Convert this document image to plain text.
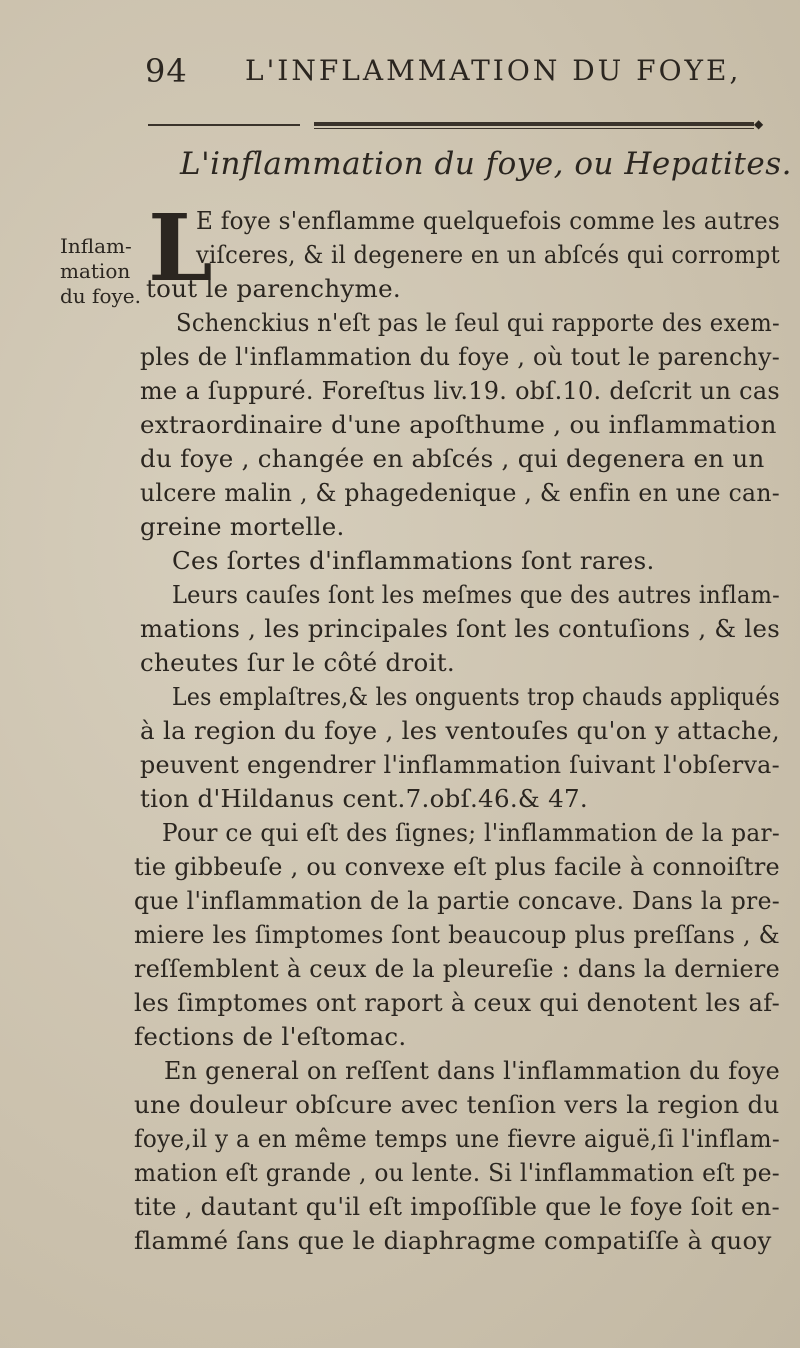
94 L'INFLAMMATION DU FOYE,
◆
L'inflammation du foye, ou Hepatites.
Inflam-
mation
du foye. L
E foye s'enflamme quelquefois comme les autres
viſceres, & il degenere en un abſcés qui corrompt
tout le parenchyme.
Schenckius n'eſt pas le ſeul qui rapporte des exem-
ples de l'inflammation du foye , où tout le parenchy-
me a ſuppuré. Foreſtus liv.19. obſ.10. deſcrit un cas
extraordinaire d'une apoſthume , ou inflammation
du foye , changée en abſcés , qui degenera en un
ulcere malin , & phagedenique , & enfin en une can-
greine mortelle.
Ces ſortes d'inflammations ſont rares.
Leurs cauſes ſont les meſmes que des autres inflam-
mations , les principales ſont les contuſions , & les
cheutes ſur le côté droit.
Les emplaſtres,& les onguents trop chauds appliqués
à la region du foye , les ventouſes qu'on y attache,
peuvent engendrer l'inflammation ſuivant l'obſerva-
tion d'Hildanus cent.7.obſ.46.& 47.
Pour ce qui eſt des ſignes; l'inflammation de la par-
tie gibbeuſe , ou convexe eſt plus facile à connoiſtre
que l'inflammation de la partie concave. Dans la pre-
miere les ſimptomes ſont beaucoup plus preſſans , &
reſſemblent à ceux de la pleureſie : dans la derniere
les ſimptomes ont raport à ceux qui denotent les af-
fections de l'eſtomac.
En general on reſſent dans l'inflammation du foye
une douleur obſcure avec tenſion vers la region du
foye,il y a en même temps une fievre aiguë,ſi l'inflam-
mation eſt grande , ou lente. Si l'inflammation eſt pe-
tite , dautant qu'il eſt impoſſible que le foye ſoit en-
flammé ſans que le diaphragme compatiſſe à quoy
